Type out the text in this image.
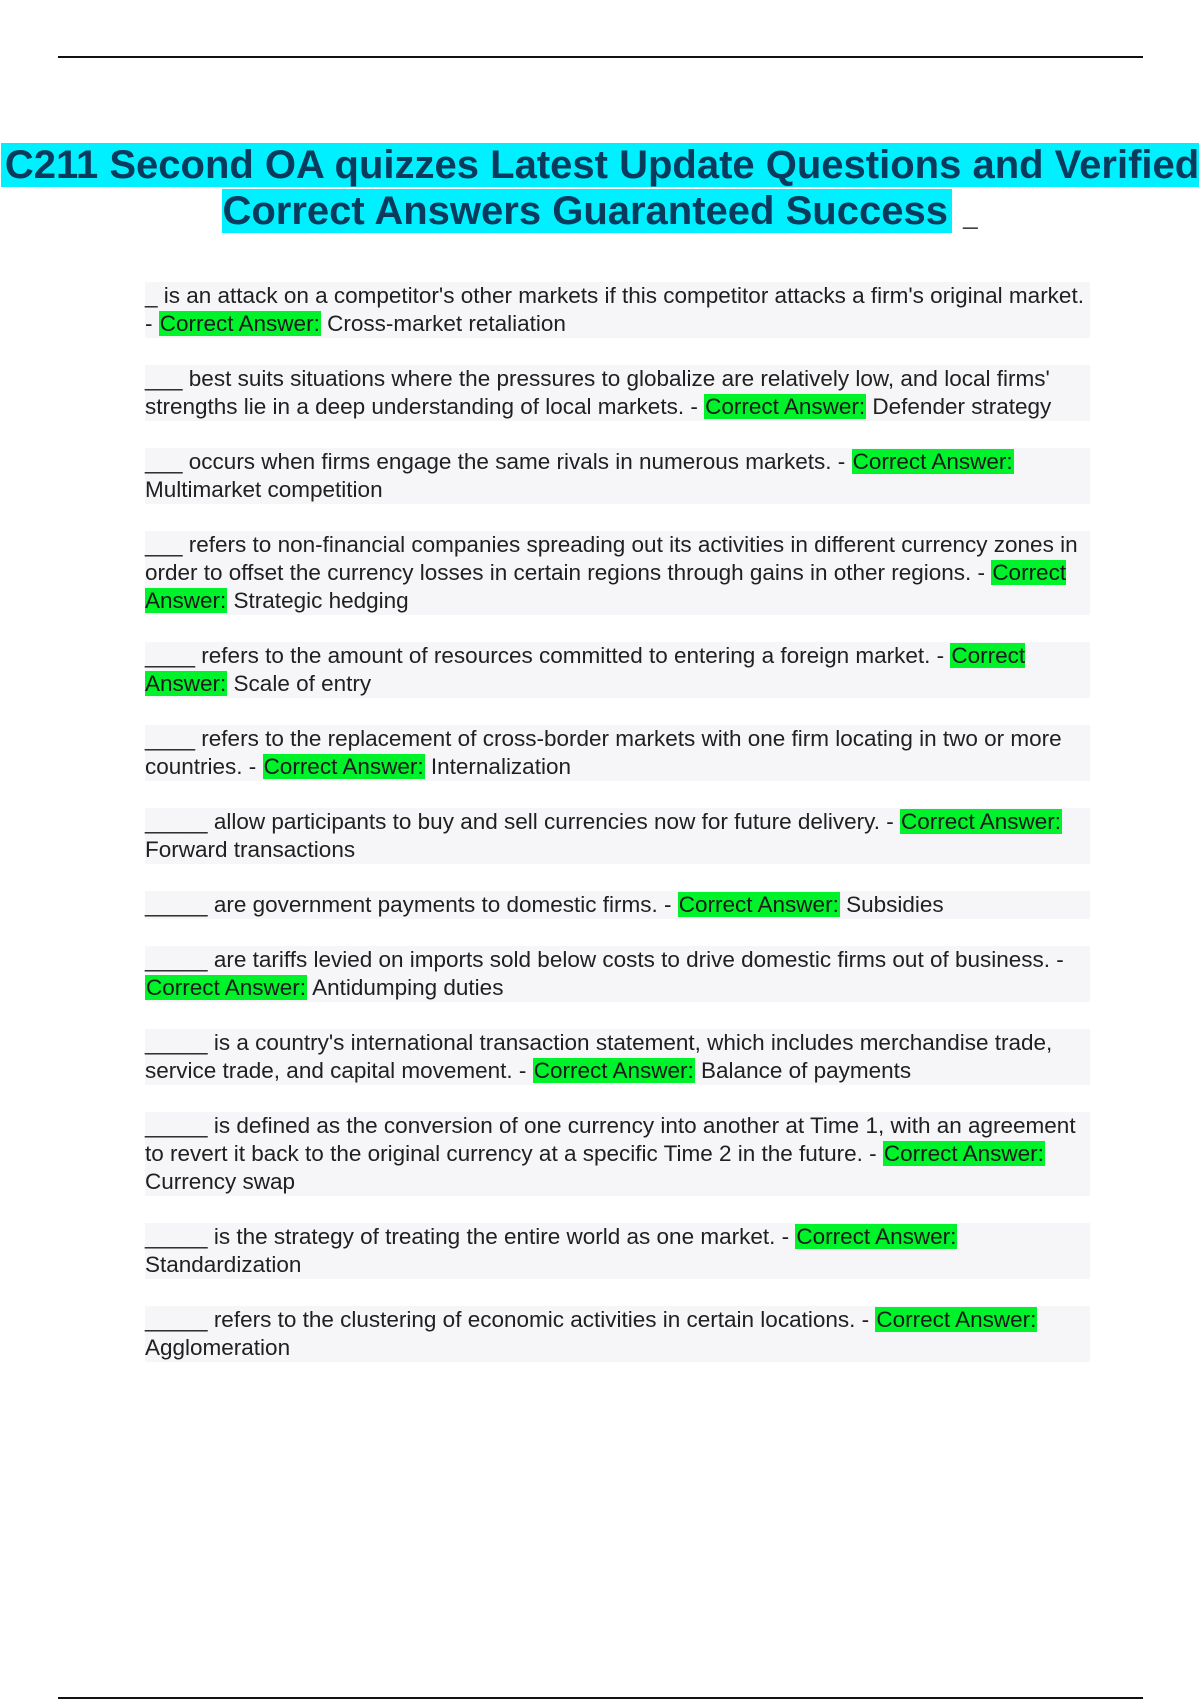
C211 Second OA quizzes Latest Update Questions and Verified Correct Answers Guaranteed Success _
_ is an attack on a competitor's other markets if this competitor attacks a firm's original market. - Correct Answer: Cross-market retaliation
___ best suits situations where the pressures to globalize are relatively low, and local firms' strengths lie in a deep understanding of local markets. - Correct Answer: Defender strategy
___ occurs when firms engage the same rivals in numerous markets. - Correct Answer: Multimarket competition
___ refers to non-financial companies spreading out its activities in different currency zones in order to offset the currency losses in certain regions through gains in other regions. - Correct Answer: Strategic hedging
____ refers to the amount of resources committed to entering a foreign market. - Correct Answer: Scale of entry
____ refers to the replacement of cross-border markets with one firm locating in two or more countries. - Correct Answer: Internalization
_____ allow participants to buy and sell currencies now for future delivery. - Correct Answer: Forward transactions
_____ are government payments to domestic firms. - Correct Answer: Subsidies
_____ are tariffs levied on imports sold below costs to drive domestic firms out of business. - Correct Answer: Antidumping duties
_____ is a country's international transaction statement, which includes merchandise trade, service trade, and capital movement. - Correct Answer: Balance of payments
_____ is defined as the conversion of one currency into another at Time 1, with an agreement to revert it back to the original currency at a specific Time 2 in the future. - Correct Answer: Currency swap
_____ is the strategy of treating the entire world as one market. - Correct Answer: Standardization
_____ refers to the clustering of economic activities in certain locations. - Correct Answer: Agglomeration
